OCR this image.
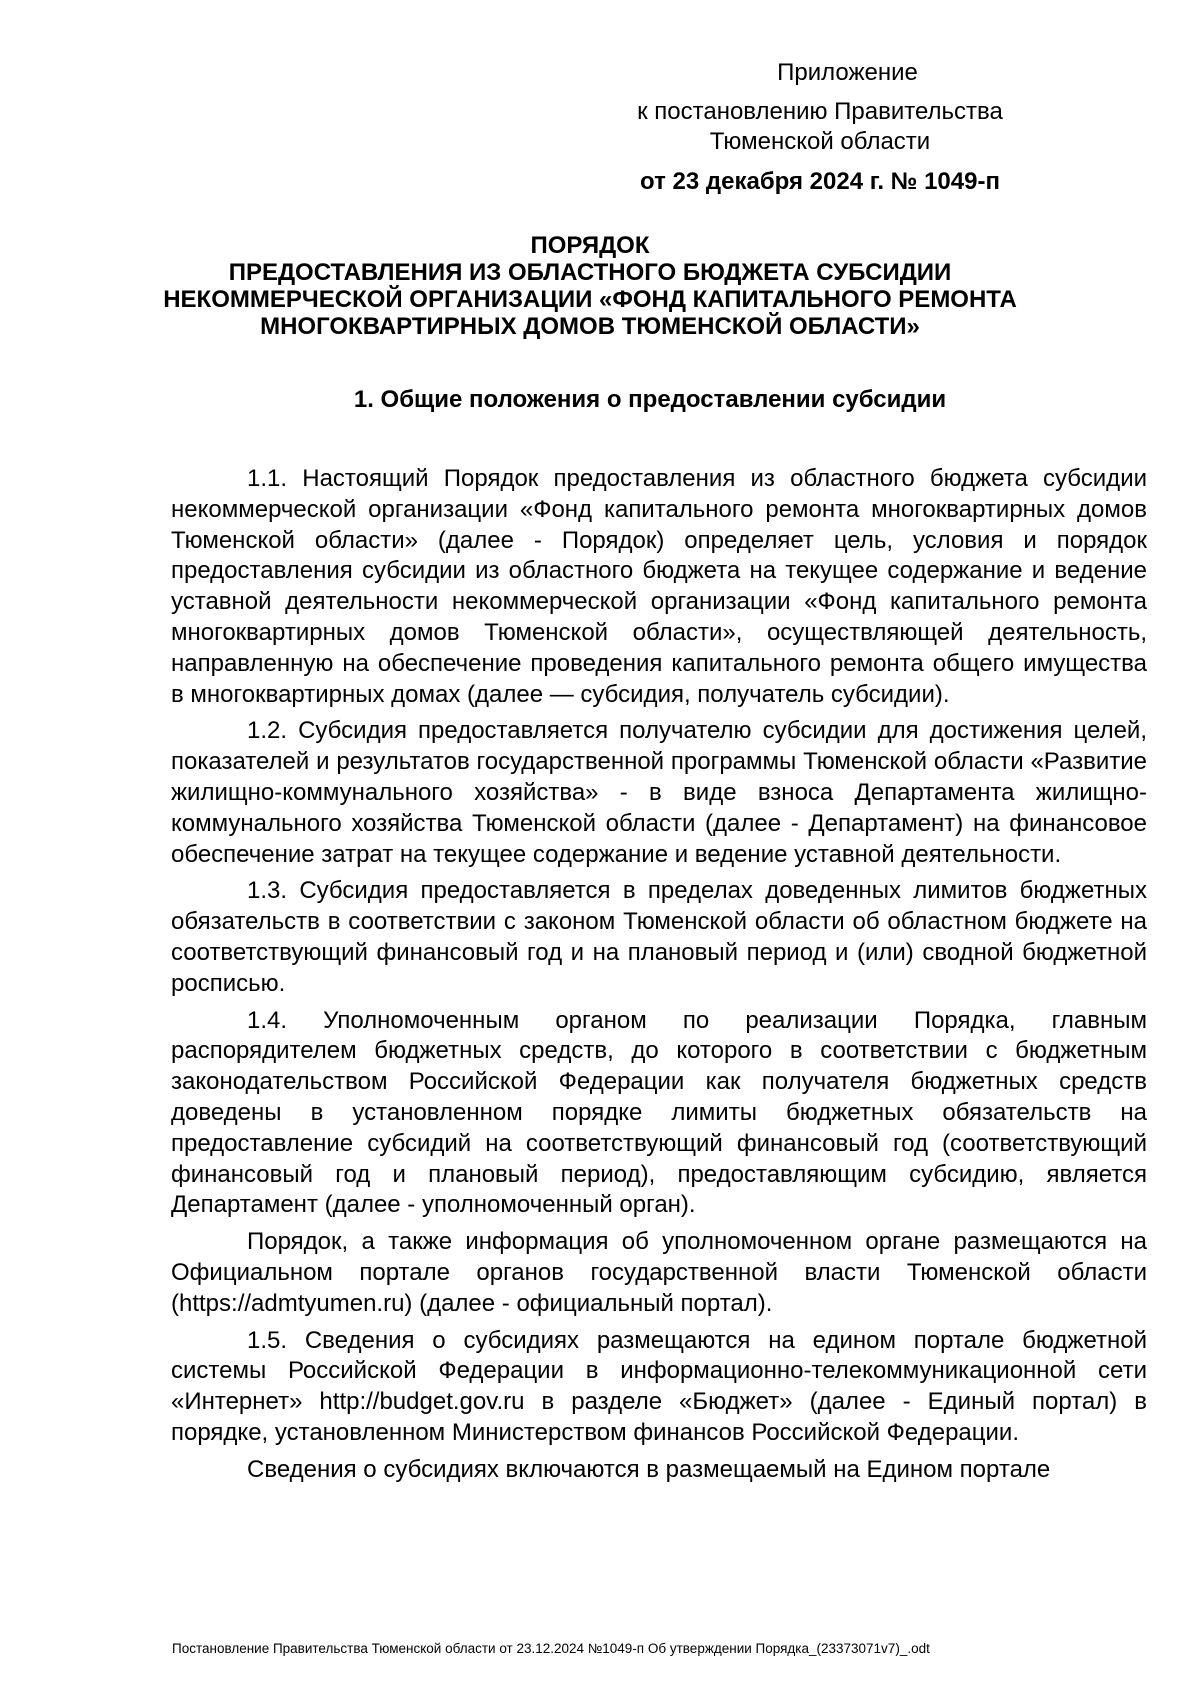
Приложение
к постановлению Правительства
Тюменской области
от 23 декабря 2024 г. № 1049-п
ПОРЯДОК
ПРЕДОСТАВЛЕНИЯ ИЗ ОБЛАСТНОГО БЮДЖЕТА СУБСИДИИ
НЕКОММЕРЧЕСКОЙ ОРГАНИЗАЦИИ «ФОНД КАПИТАЛЬНОГО РЕМОНТА
МНОГОКВАРТИРНЫХ ДОМОВ ТЮМЕНСКОЙ ОБЛАСТИ»
1. Общие положения о предоставлении субсидии

1.1. Настоящий Порядок предоставления из областного бюджета субсидии некоммерческой организации «Фонд капитального ремонта многоквартирных домов Тюменской области» (далее - Порядок) определяет цель, условия и порядок предоставления субсидии из областного бюджета на текущее содержание и ведение уставной деятельности некоммерческой организации «Фонд капитального ремонта многоквартирных домов Тюменской области», осуществляющей деятельность, направленную на обеспечение проведения капитального ремонта общего имущества в многоквартирных домах (далее — субсидия, получатель субсидии).

1.2. Субсидия предоставляется получателю субсидии для достижения целей, показателей и результатов государственной программы Тюменской области «Развитие жилищно-коммунального хозяйства» - в виде взноса Департамента жилищно-коммунального хозяйства Тюменской области (далее - Департамент) на финансовое обеспечение затрат на текущее содержание и ведение уставной деятельности.

1.3. Субсидия предоставляется в пределах доведенных лимитов бюджетных обязательств в соответствии с законом Тюменской области об областном бюджете на соответствующий финансовый год и на плановый период и (или) сводной бюджетной росписью.

1.4. Уполномоченным органом по реализации Порядка, главным распорядителем бюджетных средств, до которого в соответствии с бюджетным законодательством Российской Федерации как получателя бюджетных средств доведены в установленном порядке лимиты бюджетных обязательств на предоставление субсидий на соответствующий финансовый год (соответствующий финансовый год и плановый период), предоставляющим субсидию, является Департамент (далее - уполномоченный орган).

Порядок, а также информация об уполномоченном органе размещаются на Официальном портале органов государственной власти Тюменской области (https://admtyumen.ru) (далее - официальный портал).

1.5. Сведения о субсидиях размещаются на едином портале бюджетной системы Российской Федерации в информационно-телекоммуникационной сети «Интернет» http://budget.gov.ru в разделе «Бюджет» (далее - Единый портал) в порядке, установленном Министерством финансов Российской Федерации.

Сведения о субсидиях включаются в размещаемый на Едином портале

Постановление Правительства Тюменской области от 23.12.2024 №1049-п Об утверждении Порядка_(23373071v7)_.odt
